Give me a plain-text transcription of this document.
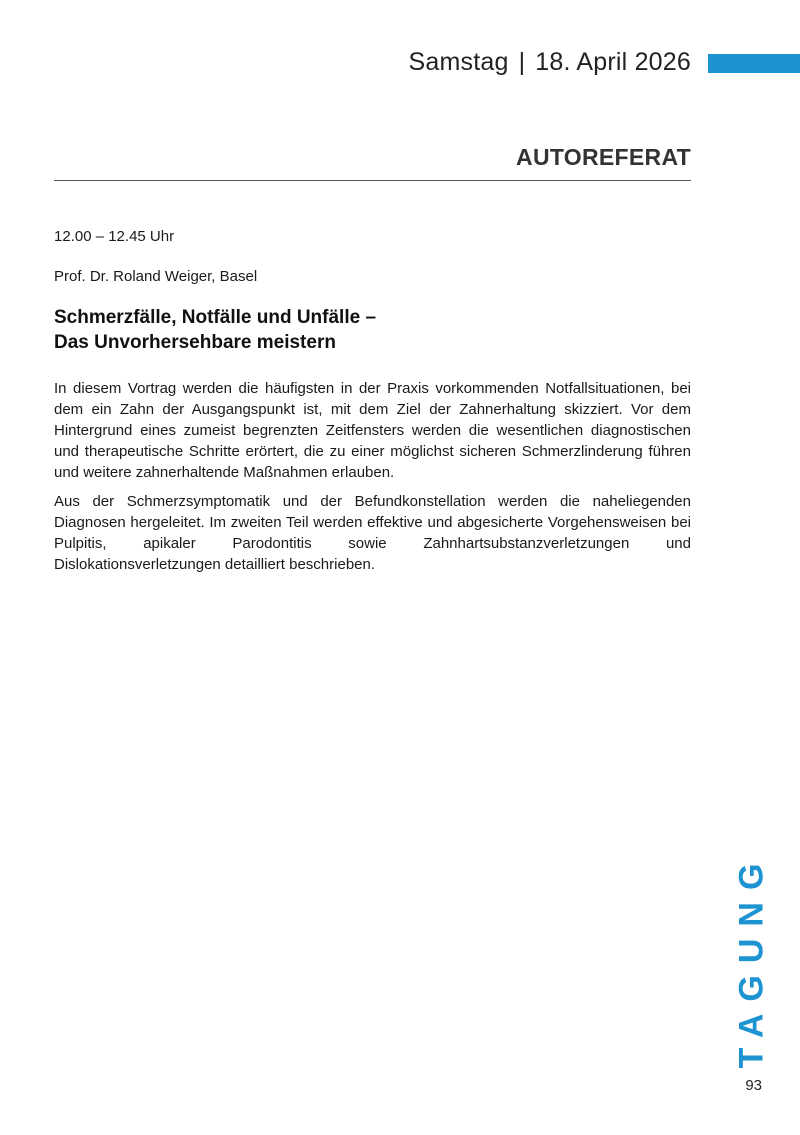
Samstag | 18. April 2026
AUTOREFERAT

12.00 – 12.45 Uhr

Prof. Dr. Roland Weiger, Basel

Schmerzfälle, Notfälle und Unfälle –
Das Unvorhersehbare meistern

In diesem Vortrag werden die häufigsten in der Praxis vorkommenden Notfallsituationen, bei dem ein Zahn der Ausgangspunkt ist, mit dem Ziel der Zahnerhaltung skizziert. Vor dem Hintergrund eines zumeist begrenzten Zeitfensters werden die wesentlichen diagnostischen und therapeutische Schritte erörtert, die zu einer möglichst sicheren Schmerzlinderung führen und weitere zahnerhaltende Maßnahmen erlauben.

Aus der Schmerzsymptomatik und der Befundkonstellation werden die naheliegenden Diagnosen hergeleitet. Im zweiten Teil werden effektive und abgesicherte Vorgehensweisen bei Pulpitis, apikaler Parodontitis sowie Zahnhartsubstanzverletzungen und Dislokationsverletzungen detailliert beschrieben.

TAGUNG
93
